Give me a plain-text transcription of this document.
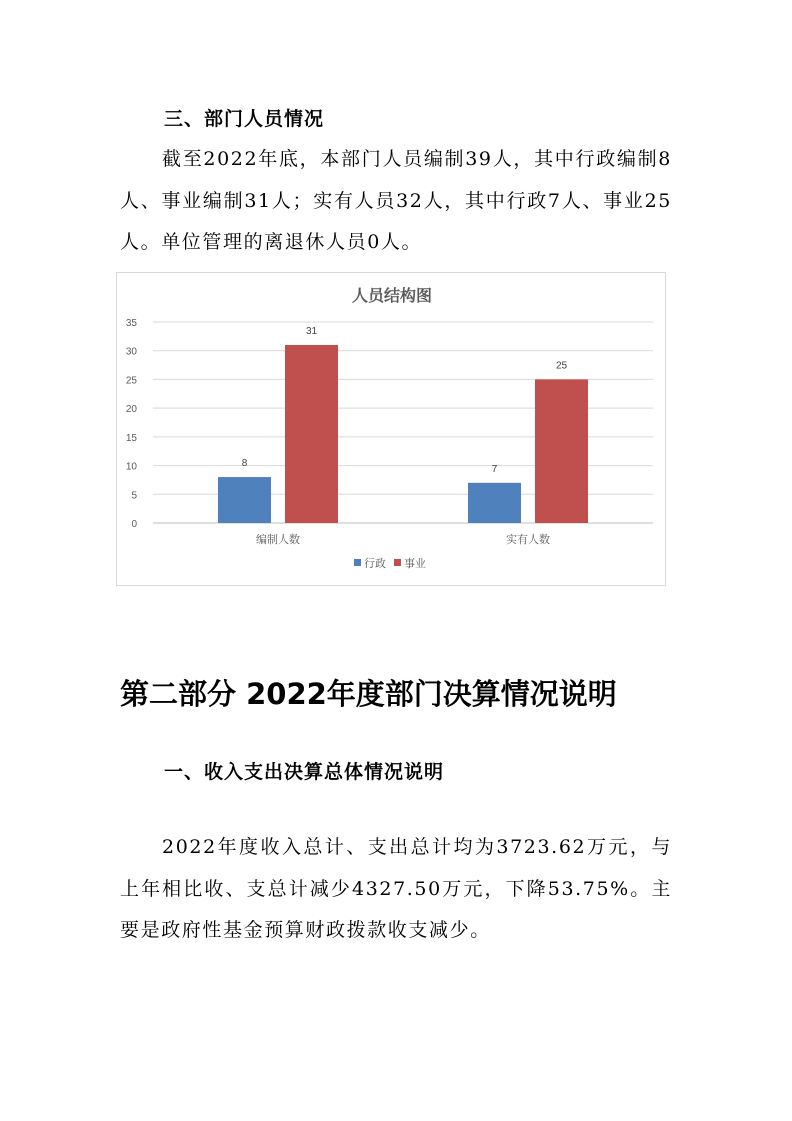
三、部门人员情况

截至2022年底，本部门人员编制39人，其中行政编制8人、事业编制31人；实有人员32人，其中行政7人、事业25人。单位管理的离退休人员0人。

人员结构图
0
5
10
15
20
25
30
35
8
31
编制人数
7
25
实有人数
行政 事业
第二部分 2022年度部门决算情况说明
一、收入支出决算总体情况说明

2022年度收入总计、支出总计均为3723.62万元，与上年相比收、支总计减少4327.50万元，下降53.75%。主要是政府性基金预算财政拨款收支减少。
